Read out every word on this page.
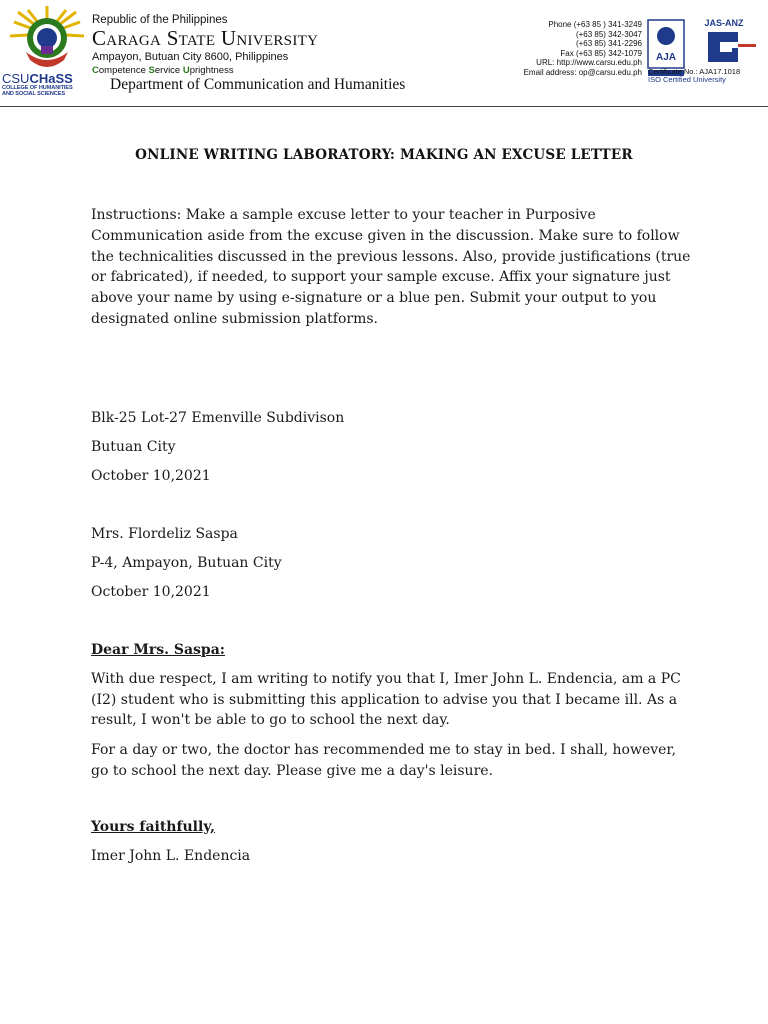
CSUCHaSS
COLLEGE OF HUMANITIES
AND SOCIAL SCIENCES
Republic of the Philippines
Caraga State University
Ampayon, Butuan City 8600, Philippines
Competence Service Uprightness
Department of Communication and Humanities
Phone (+63 85 ) 341-3249
(+63 85) 342-3047
(+63 85) 341-2296
Fax (+63 85) 342-1079
URL: http://www.carsu.edu.ph
Email address: op@carsu.edu.ph
AJA
JAS-ANZ
Certificate No.: AJA17.1018
ISO Certified University
ONLINE WRITING LABORATORY: MAKING AN EXCUSE LETTER
Instructions: Make a sample excuse letter to your teacher in Purposive Communication aside from the excuse given in the discussion. Make sure to follow the technicalities discussed in the previous lessons. Also, provide justifications (true or fabricated), if needed, to support your sample excuse. Affix your signature just above your name by using e-signature or a blue pen. Submit your output to you designated online submission platforms.
Blk-25 Lot-27 Emenville Subdivison
Butuan City
October 10,2021
Mrs. Flordeliz Saspa
P-4, Ampayon, Butuan City
October 10,2021
Dear Mrs. Saspa:
With due respect, I am writing to notify you that I, Imer John L. Endencia, am a PC (I2) student who is submitting this application to advise you that I became ill. As a result, I won't be able to go to school the next day.
For a day or two, the doctor has recommended me to stay in bed. I shall, however, go to school the next day. Please give me a day's leisure.
Yours faithfully,
Imer John L. Endencia
